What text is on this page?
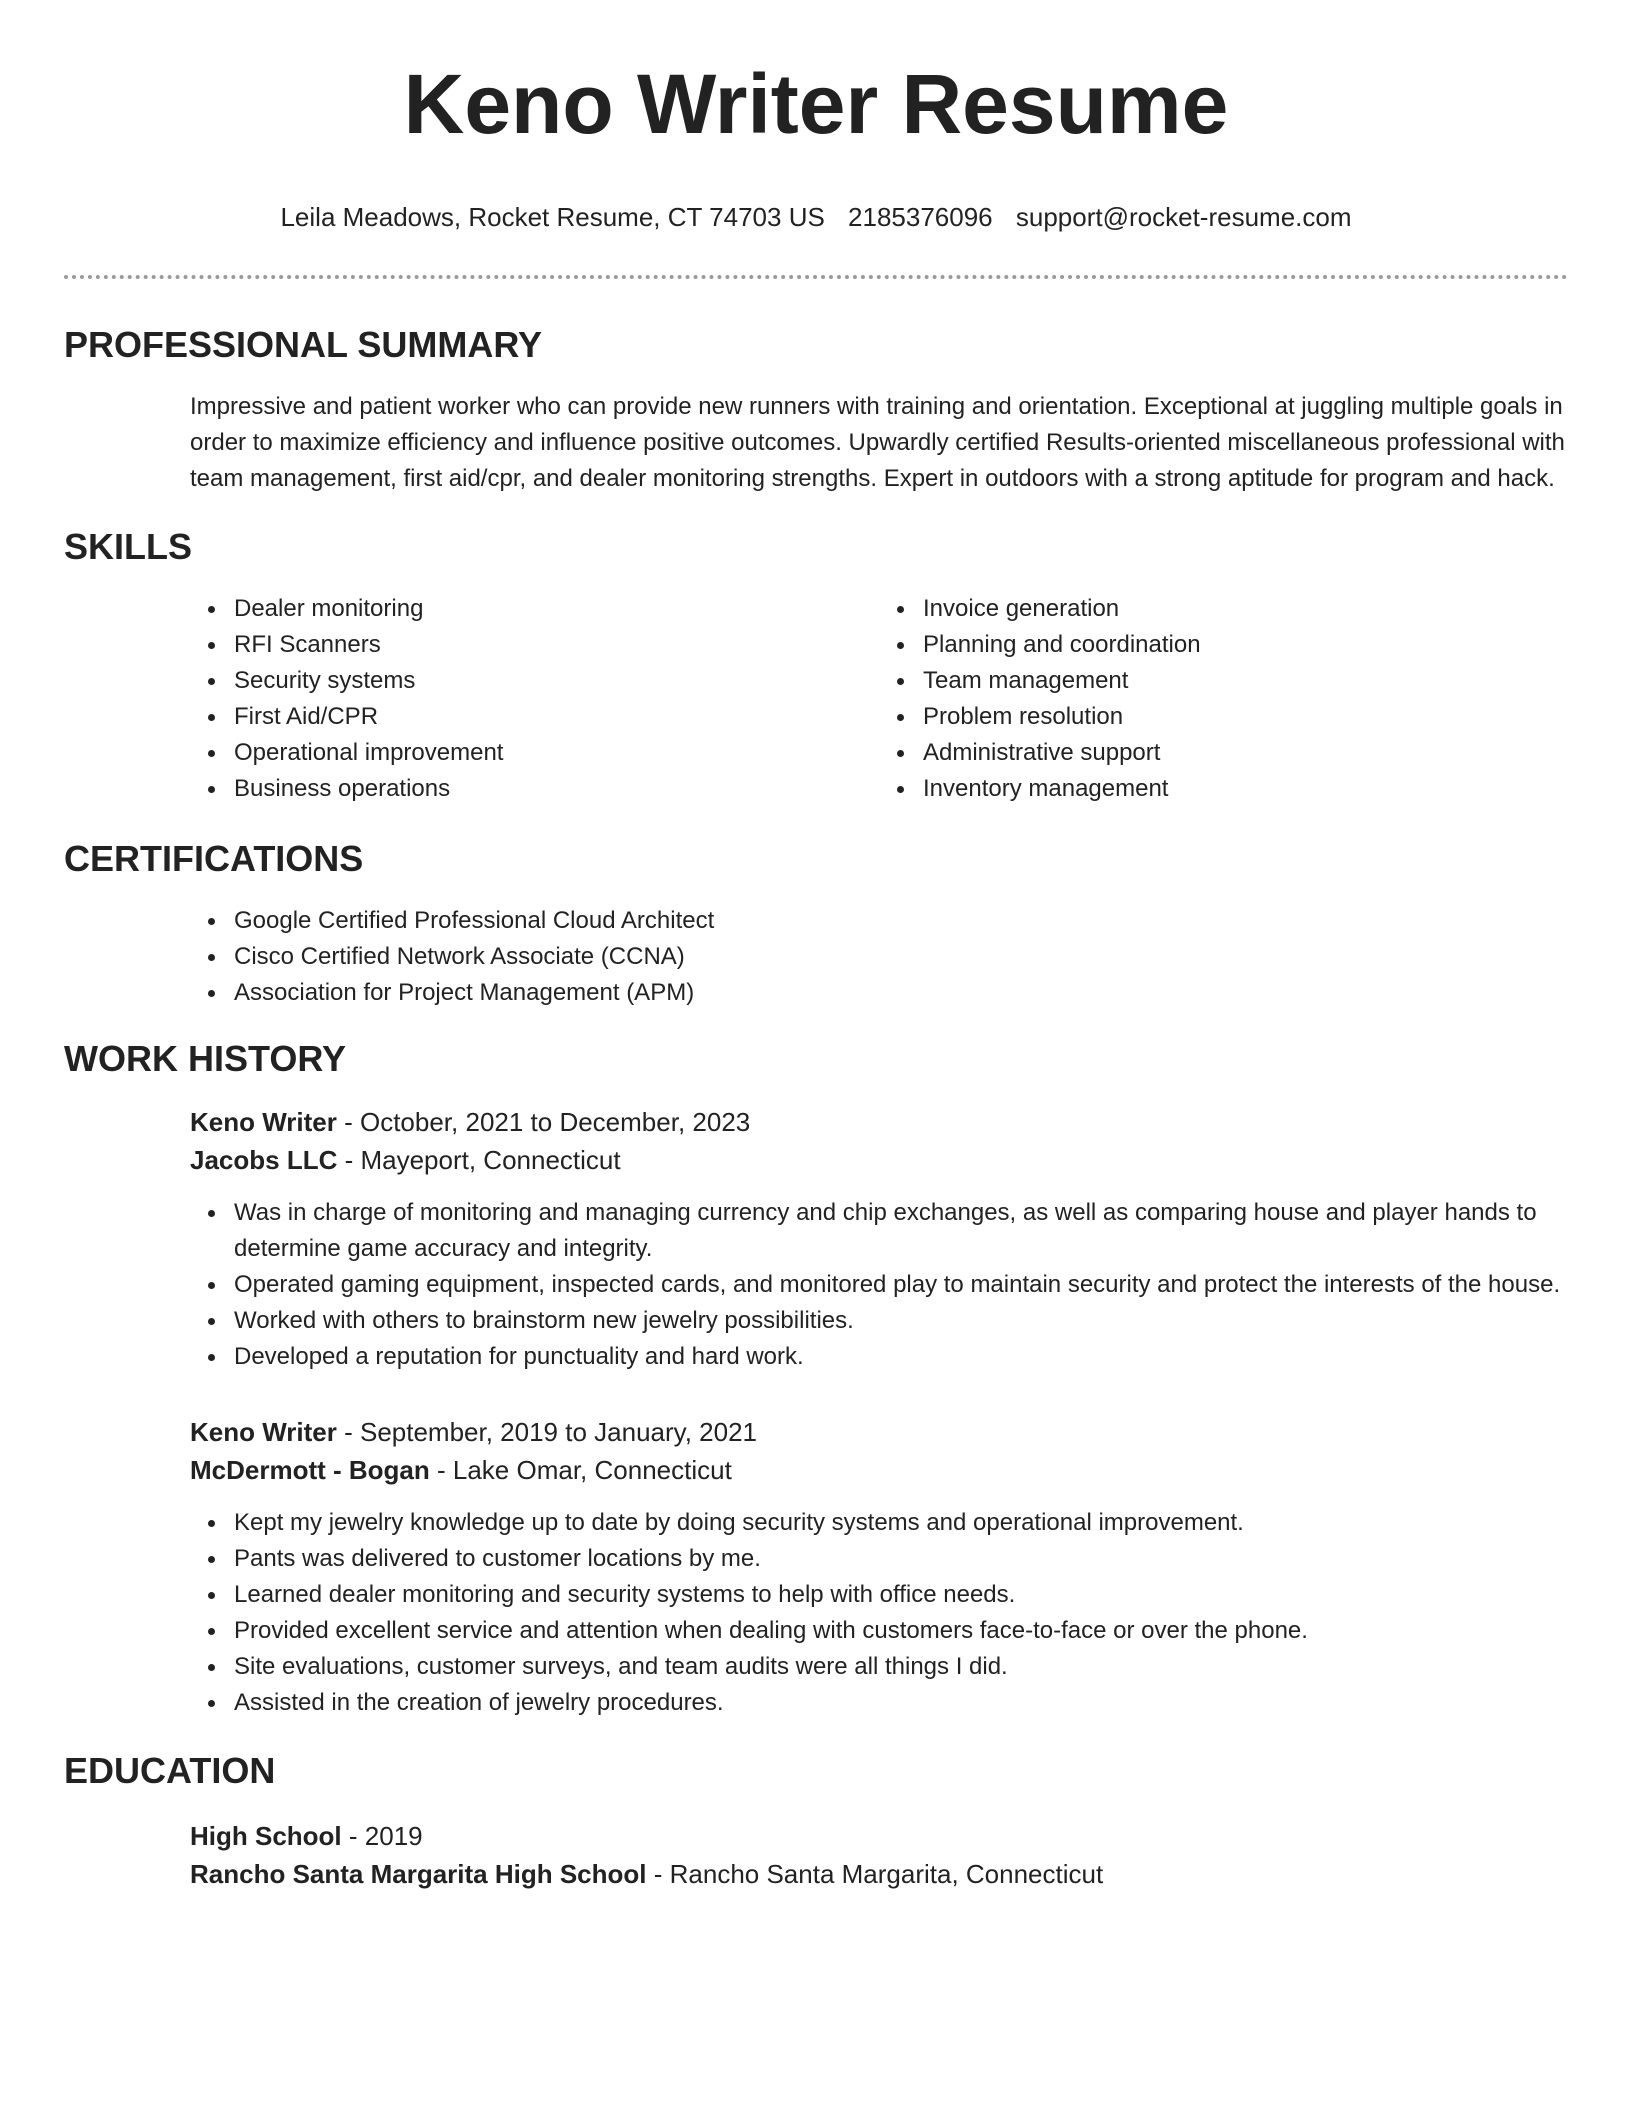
Keno Writer Resume
Leila Meadows, Rocket Resume, CT 74703 US 2185376096 support@rocket-resume.com
PROFESSIONAL SUMMARY

Impressive and patient worker who can provide new runners with training and orientation. Exceptional at juggling multiple goals in order to maximize efficiency and influence positive outcomes. Upwardly certified Results-oriented miscellaneous professional with team management, first aid/cpr, and dealer monitoring strengths. Expert in outdoors with a strong aptitude for program and hack.

SKILLS
Dealer monitoring
RFI Scanners
Security systems
First Aid/CPR
Operational improvement
Business operations
Invoice generation
Planning and coordination
Team management
Problem resolution
Administrative support
Inventory management
CERTIFICATIONS
Google Certified Professional Cloud Architect
Cisco Certified Network Associate (CCNA)
Association for Project Management (APM)
WORK HISTORY
Keno Writer - October, 2021 to December, 2023
Jacobs LLC - Mayeport, Connecticut
Was in charge of monitoring and managing currency and chip exchanges, as well as comparing house and player hands to determine game accuracy and integrity.
Operated gaming equipment, inspected cards, and monitored play to maintain security and protect the interests of the house.
Worked with others to brainstorm new jewelry possibilities.
Developed a reputation for punctuality and hard work.
Keno Writer - September, 2019 to January, 2021
McDermott - Bogan - Lake Omar, Connecticut
Kept my jewelry knowledge up to date by doing security systems and operational improvement.
Pants was delivered to customer locations by me.
Learned dealer monitoring and security systems to help with office needs.
Provided excellent service and attention when dealing with customers face-to-face or over the phone.
Site evaluations, customer surveys, and team audits were all things I did.
Assisted in the creation of jewelry procedures.
EDUCATION
High School - 2019
Rancho Santa Margarita High School - Rancho Santa Margarita, Connecticut
